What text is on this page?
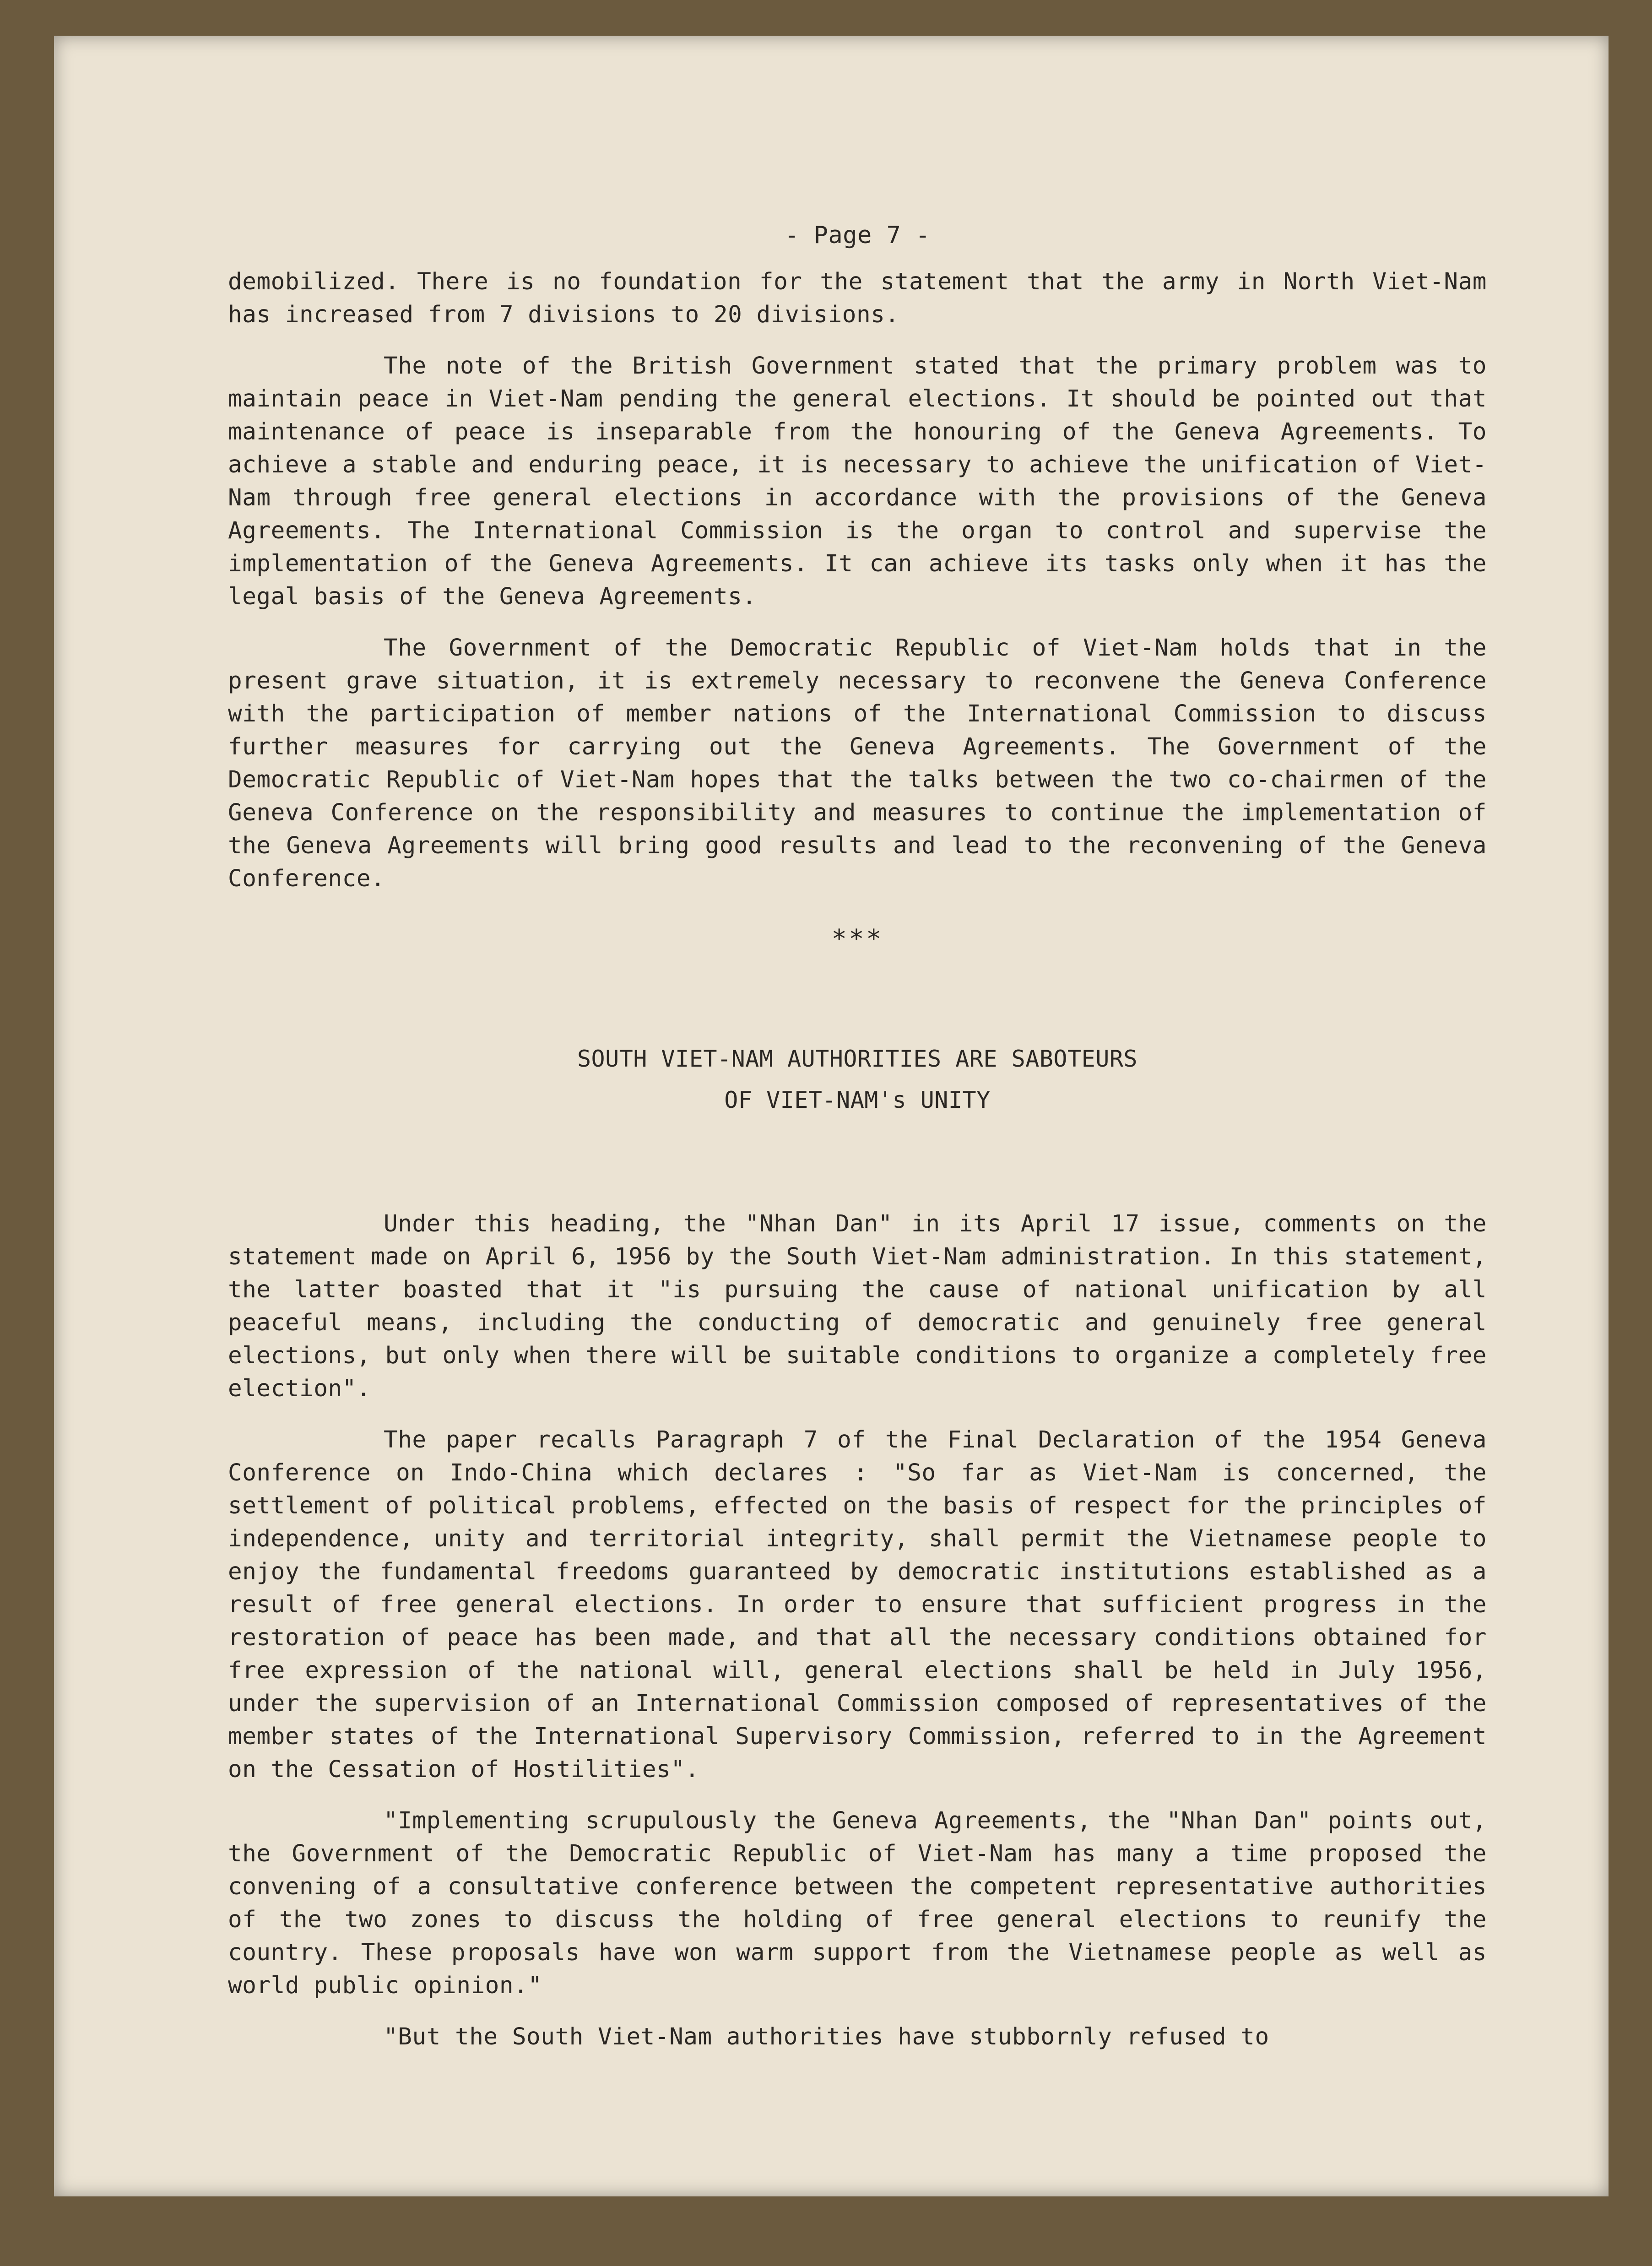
- Page 7 -

demobilized. There is no foundation for the statement that the army in North Viet-Nam has increased from 7 divisions to 20 divisions.

The note of the British Government stated that the primary problem was to maintain peace in Viet-Nam pending the general elections. It should be pointed out that maintenance of peace is inseparable from the honouring of the Geneva Agreements. To achieve a stable and enduring peace, it is necessary to achieve the unification of Viet-Nam through free general elections in accordance with the provisions of the Geneva Agreements. The International Commission is the organ to control and supervise the implementation of the Geneva Agreements. It can achieve its tasks only when it has the legal basis of the Geneva Agreements.

The Government of the Democratic Republic of Viet-Nam holds that in the present grave situation, it is extremely necessary to reconvene the Geneva Conference with the participation of member nations of the International Commission to discuss further measures for carrying out the Geneva Agreements. The Government of the Democratic Republic of Viet-Nam hopes that the talks between the two co-chairmen of the Geneva Conference on the responsibility and measures to continue the implementation of the Geneva Agreements will bring good results and lead to the reconvening of the Geneva Conference.

***
SOUTH VIET-NAM AUTHORITIES ARE SABOTEURS
OF VIET-NAM's UNITY

Under this heading, the "Nhan Dan" in its April 17 issue, comments on the statement made on April 6, 1956 by the South Viet-Nam administration. In this statement, the latter boasted that it "is pursuing the cause of national unification by all peaceful means, including the conducting of democratic and genuinely free general elections, but only when there will be suitable conditions to organize a completely free election".

The paper recalls Paragraph 7 of the Final Declaration of the 1954 Geneva Conference on Indo-China which declares : "So far as Viet-Nam is concerned, the settlement of political problems, effected on the basis of respect for the principles of independence, unity and territorial integrity, shall permit the Vietnamese people to enjoy the fundamental freedoms guaranteed by democratic institutions established as a result of free general elections. In order to ensure that sufficient progress in the restoration of peace has been made, and that all the necessary conditions obtained for free expression of the national will, general elections shall be held in July 1956, under the supervision of an International Commission composed of representatives of the member states of the International Supervisory Commission, referred to in the Agreement on the Cessation of Hostilities".

"Implementing scrupulously the Geneva Agreements, the "Nhan Dan" points out, the Government of the Democratic Republic of Viet-Nam has many a time proposed the convening of a consultative conference between the competent representative authorities of the two zones to discuss the holding of free general elections to reunify the country. These proposals have won warm support from the Vietnamese people as well as world public opinion."

"But the South Viet-Nam authorities have stubbornly refused to
